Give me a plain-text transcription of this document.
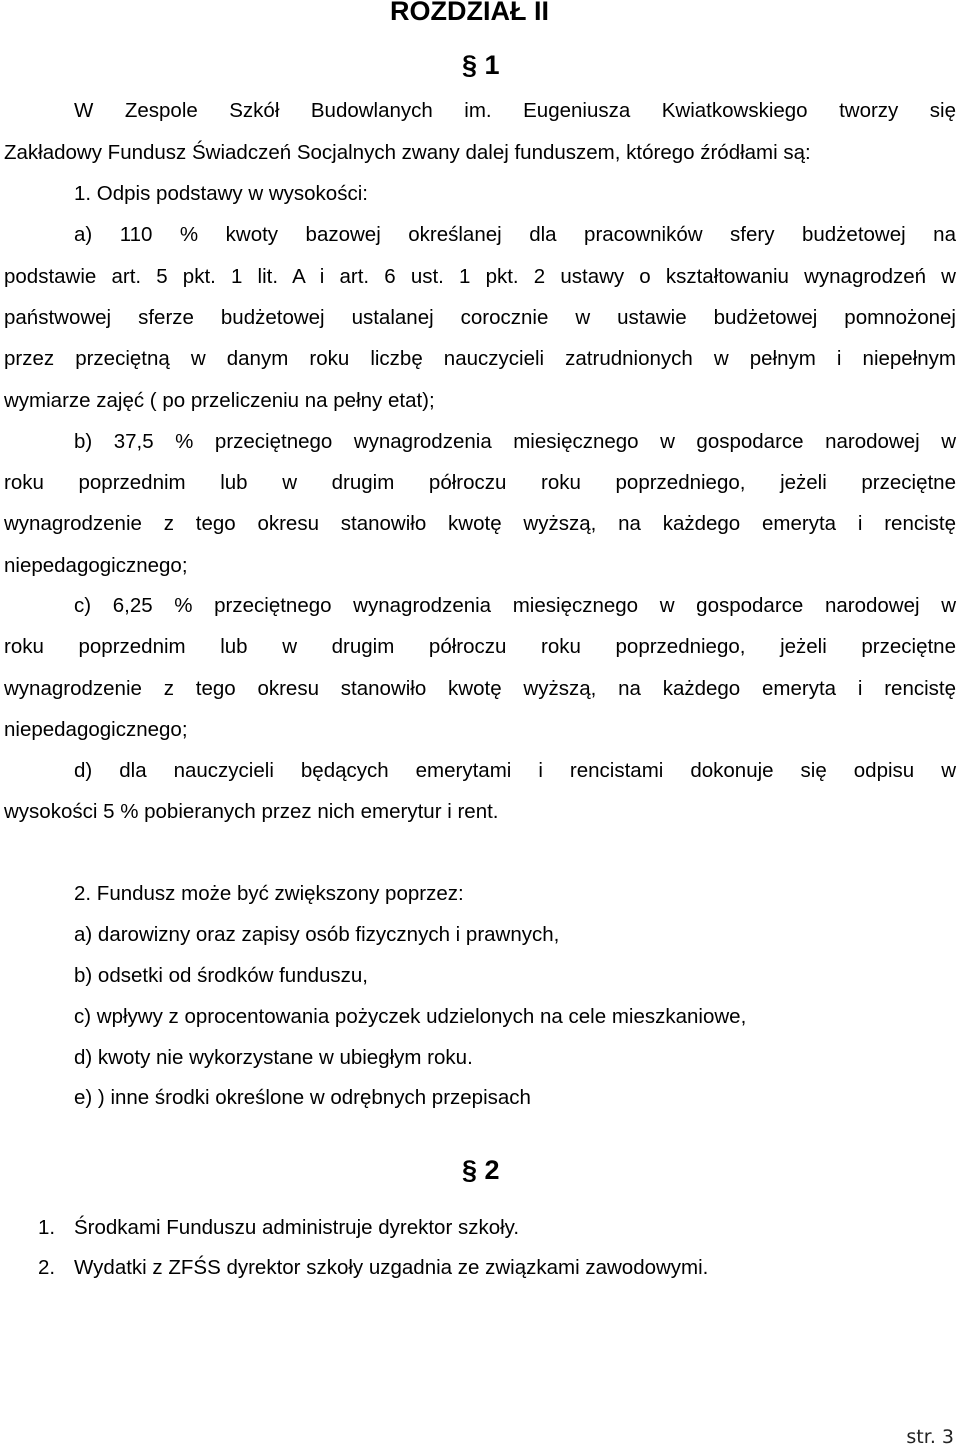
ROZDZIAŁ II
§ 1
W Zespole Szkół Budowlanych im. Eugeniusza Kwiatkowskiego tworzy się
Zakładowy Fundusz Świadczeń Socjalnych zwany dalej funduszem, którego źródłami są:
1. Odpis podstawy w wysokości:
a) 110 % kwoty bazowej określanej dla pracowników sfery budżetowej na
podstawie art. 5 pkt. 1 lit. A i art. 6 ust. 1 pkt. 2 ustawy o kształtowaniu wynagrodzeń w
państwowej sferze budżetowej ustalanej corocznie w ustawie budżetowej pomnożonej
przez przeciętną w danym roku liczbę nauczycieli zatrudnionych w pełnym i niepełnym
wymiarze zajęć ( po przeliczeniu na pełny etat);
b) 37,5 % przeciętnego wynagrodzenia miesięcznego w gospodarce narodowej w
roku poprzednim lub w drugim półroczu roku poprzedniego, jeżeli przeciętne
wynagrodzenie z tego okresu stanowiło kwotę wyższą, na każdego emeryta i rencistę
niepedagogicznego;
c) 6,25 % przeciętnego wynagrodzenia miesięcznego w gospodarce narodowej w
roku poprzednim lub w drugim półroczu roku poprzedniego, jeżeli przeciętne
wynagrodzenie z tego okresu stanowiło kwotę wyższą, na każdego emeryta i rencistę
niepedagogicznego;
d) dla nauczycieli będących emerytami i rencistami dokonuje się odpisu w
wysokości 5 % pobieranych przez nich emerytur i rent.
2. Fundusz może być zwiększony poprzez:
a) darowizny oraz zapisy osób fizycznych i prawnych,
b) odsetki od środków funduszu,
c) wpływy z oprocentowania pożyczek udzielonych na cele mieszkaniowe,
d) kwoty nie wykorzystane w ubiegłym roku.
e) ) inne środki określone w odrębnych przepisach
§ 2
1. Środkami Funduszu administruje dyrektor szkoły.
2. Wydatki z ZFŚS dyrektor szkoły uzgadnia ze związkami zawodowymi.
str. 3
